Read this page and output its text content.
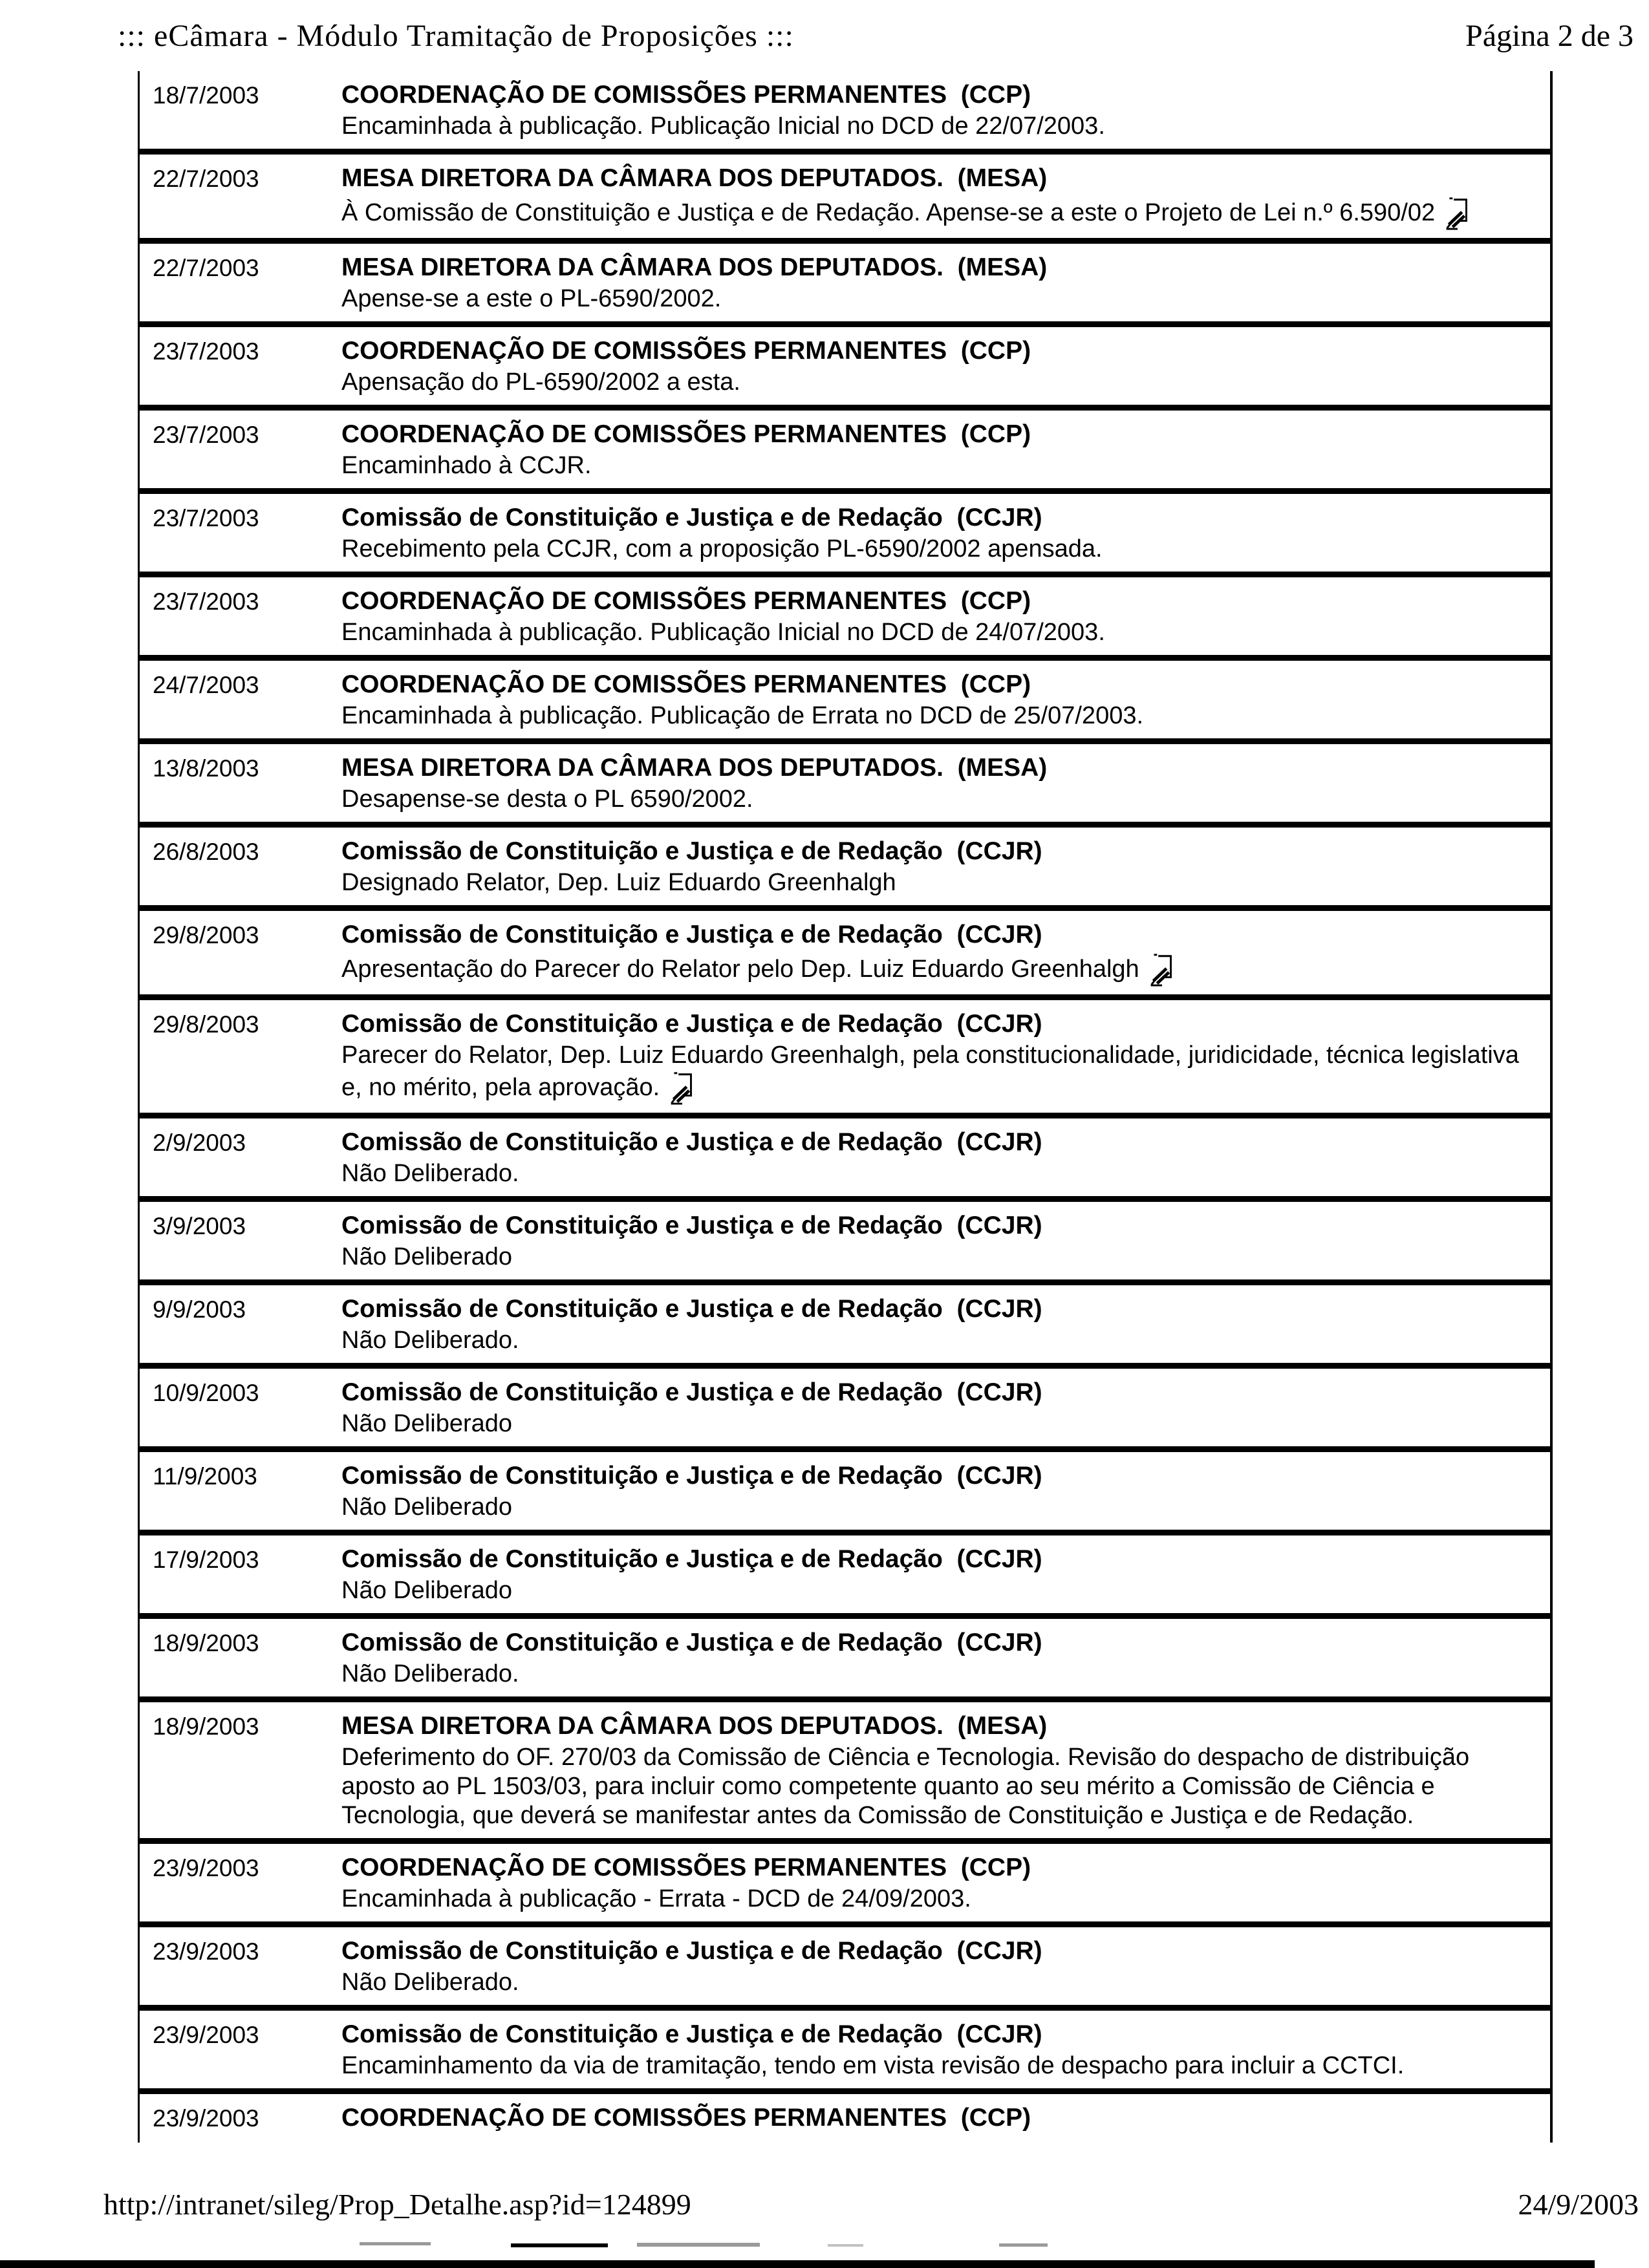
::: eCâmara - Módulo Tramitação de Proposições :::	Página 2 de 3
18/7/2003	COORDENAÇÃO DE COMISSÕES PERMANENTES  (CCP)
Encaminhada à publicação. Publicação Inicial no DCD de 22/07/2003.
22/7/2003	MESA DIRETORA DA CÂMARA DOS DEPUTADOS.  (MESA)
À Comissão de Constituição e Justiça e de Redação. Apense-se a este o Projeto de Lei n.º 6.590/02
22/7/2003	MESA DIRETORA DA CÂMARA DOS DEPUTADOS.  (MESA)
Apense-se a este o PL-6590/2002.
23/7/2003	COORDENAÇÃO DE COMISSÕES PERMANENTES  (CCP)
Apensação do PL-6590/2002 a esta.
23/7/2003	COORDENAÇÃO DE COMISSÕES PERMANENTES  (CCP)
Encaminhado à CCJR.
23/7/2003	Comissão de Constituição e Justiça e de Redação  (CCJR)
Recebimento pela CCJR, com a proposição PL-6590/2002 apensada.
23/7/2003	COORDENAÇÃO DE COMISSÕES PERMANENTES  (CCP)
Encaminhada à publicação. Publicação Inicial no DCD de 24/07/2003.
24/7/2003	COORDENAÇÃO DE COMISSÕES PERMANENTES  (CCP)
Encaminhada à publicação. Publicação de Errata no DCD de 25/07/2003.
13/8/2003	MESA DIRETORA DA CÂMARA DOS DEPUTADOS.  (MESA)
Desapense-se desta o PL 6590/2002.
26/8/2003	Comissão de Constituição e Justiça e de Redação  (CCJR)
Designado Relator, Dep. Luiz Eduardo Greenhalgh
29/8/2003	Comissão de Constituição e Justiça e de Redação  (CCJR)
Apresentação do Parecer do Relator pelo Dep. Luiz Eduardo Greenhalgh
29/8/2003	Comissão de Constituição e Justiça e de Redação  (CCJR)
Parecer do Relator, Dep. Luiz Eduardo Greenhalgh, pela constitucionalidade, juridicidade, técnica legislativa e, no mérito, pela aprovação.
2/9/2003	Comissão de Constituição e Justiça e de Redação  (CCJR)
Não Deliberado.
3/9/2003	Comissão de Constituição e Justiça e de Redação  (CCJR)
Não Deliberado
9/9/2003	Comissão de Constituição e Justiça e de Redação  (CCJR)
Não Deliberado.
10/9/2003	Comissão de Constituição e Justiça e de Redação  (CCJR)
Não Deliberado
11/9/2003	Comissão de Constituição e Justiça e de Redação  (CCJR)
Não Deliberado
17/9/2003	Comissão de Constituição e Justiça e de Redação  (CCJR)
Não Deliberado
18/9/2003	Comissão de Constituição e Justiça e de Redação  (CCJR)
Não Deliberado.
18/9/2003	MESA DIRETORA DA CÂMARA DOS DEPUTADOS.  (MESA)
Deferimento do OF. 270/03 da Comissão de Ciência e Tecnologia. Revisão do despacho de distribuição aposto ao PL 1503/03, para incluir como competente quanto ao seu mérito a Comissão de Ciência e Tecnologia, que deverá se manifestar antes da Comissão de Constituição e Justiça e de Redação.
23/9/2003	COORDENAÇÃO DE COMISSÕES PERMANENTES  (CCP)
Encaminhada à publicação - Errata - DCD de 24/09/2003.
23/9/2003	Comissão de Constituição e Justiça e de Redação  (CCJR)
Não Deliberado.
23/9/2003	Comissão de Constituição e Justiça e de Redação  (CCJR)
Encaminhamento da via de tramitação, tendo em vista revisão de despacho para incluir a CCTCI.
23/9/2003	COORDENAÇÃO DE COMISSÕES PERMANENTES  (CCP)
http://intranet/sileg/Prop_Detalhe.asp?id=124899	24/9/2003
